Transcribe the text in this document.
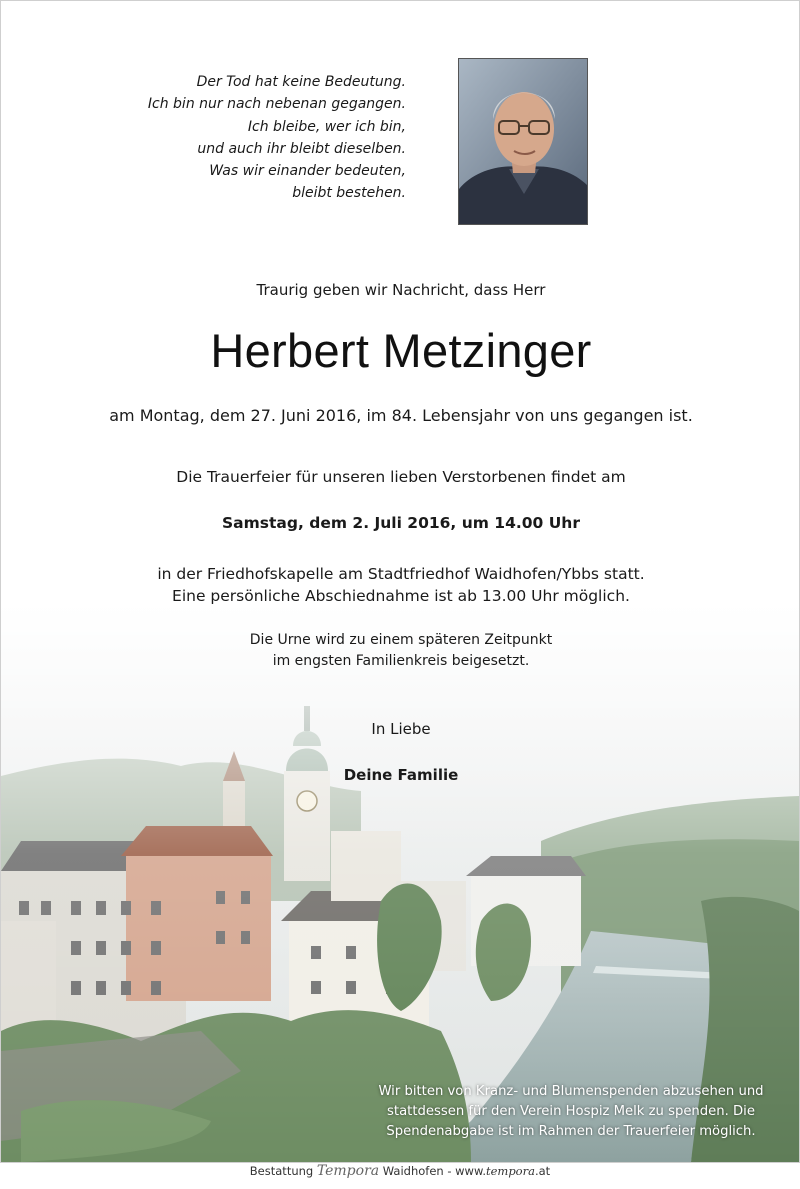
Der Tod hat keine Bedeutung.
Ich bin nur nach nebenan gegangen.
Ich bleibe, wer ich bin,
und auch ihr bleibt dieselben.
Was wir einander bedeuten,
bleibt bestehen.
Traurig geben wir Nachricht, dass Herr
Herbert Metzinger
am Montag, dem 27. Juni 2016, im 84. Lebensjahr von uns gegangen ist.
Die Trauerfeier für unseren lieben Verstorbenen findet am
Samstag, dem 2. Juli 2016, um 14.00 Uhr
in der Friedhofskapelle am Stadtfriedhof Waidhofen/Ybbs statt.
Eine persönliche Abschiednahme ist ab 13.00 Uhr möglich.
Die Urne wird zu einem späteren Zeitpunkt
im engsten Familienkreis beigesetzt.
In Liebe
Deine Familie
Wir bitten von Kranz- und Blumenspenden abzusehen und
stattdessen für den Verein Hospiz Melk zu spenden. Die
Spendenabgabe ist im Rahmen der Trauerfeier möglich.
Bestattung Tempora Waidhofen - www.tempora.at
